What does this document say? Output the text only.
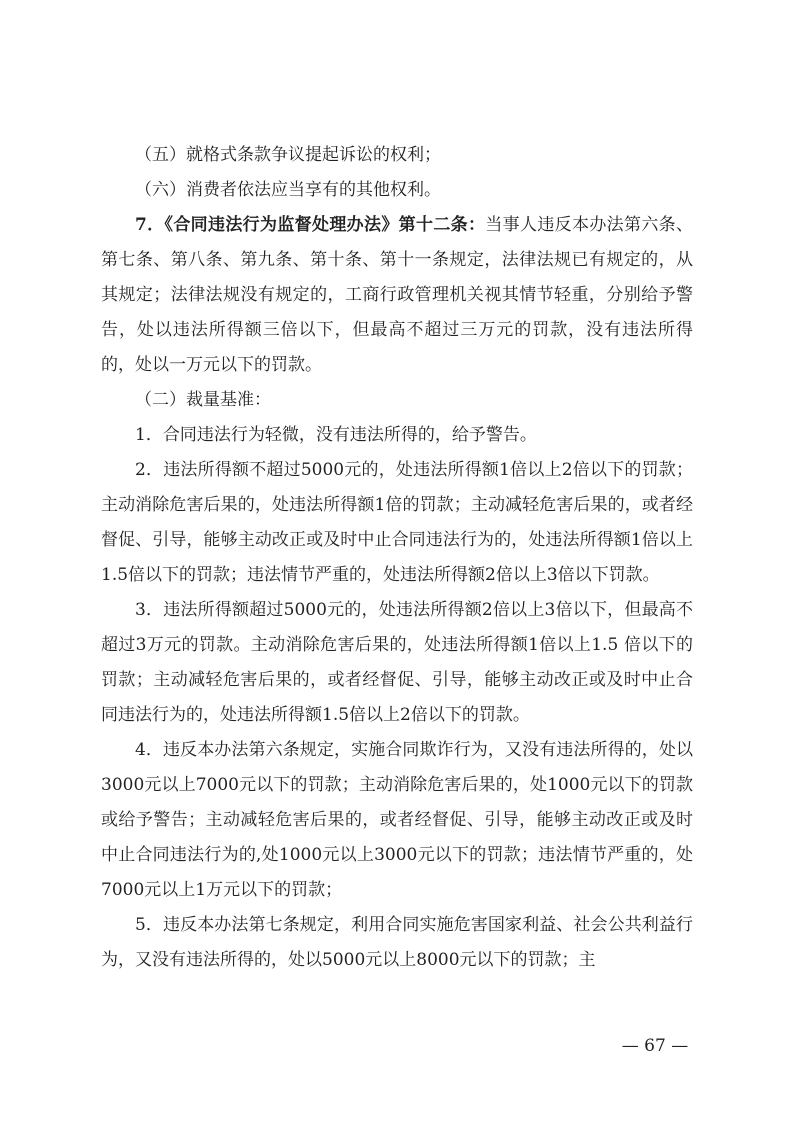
（五）就格式条款争议提起诉讼的权利；

（六）消费者依法应当享有的其他权利。

7．《合同违法行为监督处理办法》第十二条：当事人违反本办法第六条、第七条、第八条、第九条、第十条、第十一条规定，法律法规已有规定的，从其规定；法律法规没有规定的，工商行政管理机关视其情节轻重，分别给予警告，处以违法所得额三倍以下，但最高不超过三万元的罚款，没有违法所得的，处以一万元以下的罚款。

（二）裁量基准：

1．合同违法行为轻微，没有违法所得的，给予警告。

2．违法所得额不超过5000元的，处违法所得额1倍以上2倍以下的罚款；主动消除危害后果的，处违法所得额1倍的罚款；主动减轻危害后果的，或者经督促、引导，能够主动改正或及时中止合同违法行为的，处违法所得额1倍以上1.5倍以下的罚款；违法情节严重的，处违法所得额2倍以上3倍以下罚款。

3．违法所得额超过5000元的，处违法所得额2倍以上3倍以下，但最高不超过3万元的罚款。主动消除危害后果的，处违法所得额1倍以上1.5 倍以下的罚款；主动减轻危害后果的，或者经督促、引导，能够主动改正或及时中止合同违法行为的，处违法所得额1.5倍以上2倍以下的罚款。

4．违反本办法第六条规定，实施合同欺诈行为，又没有违法所得的，处以3000元以上7000元以下的罚款；主动消除危害后果的，处1000元以下的罚款或给予警告；主动减轻危害后果的，或者经督促、引导，能够主动改正或及时中止合同违法行为的,处1000元以上3000元以下的罚款；违法情节严重的，处7000元以上1万元以下的罚款；

5．违反本办法第七条规定，利用合同实施危害国家利益、社会公共利益行为，又没有违法所得的，处以5000元以上8000元以下的罚款；主

— 67 —
